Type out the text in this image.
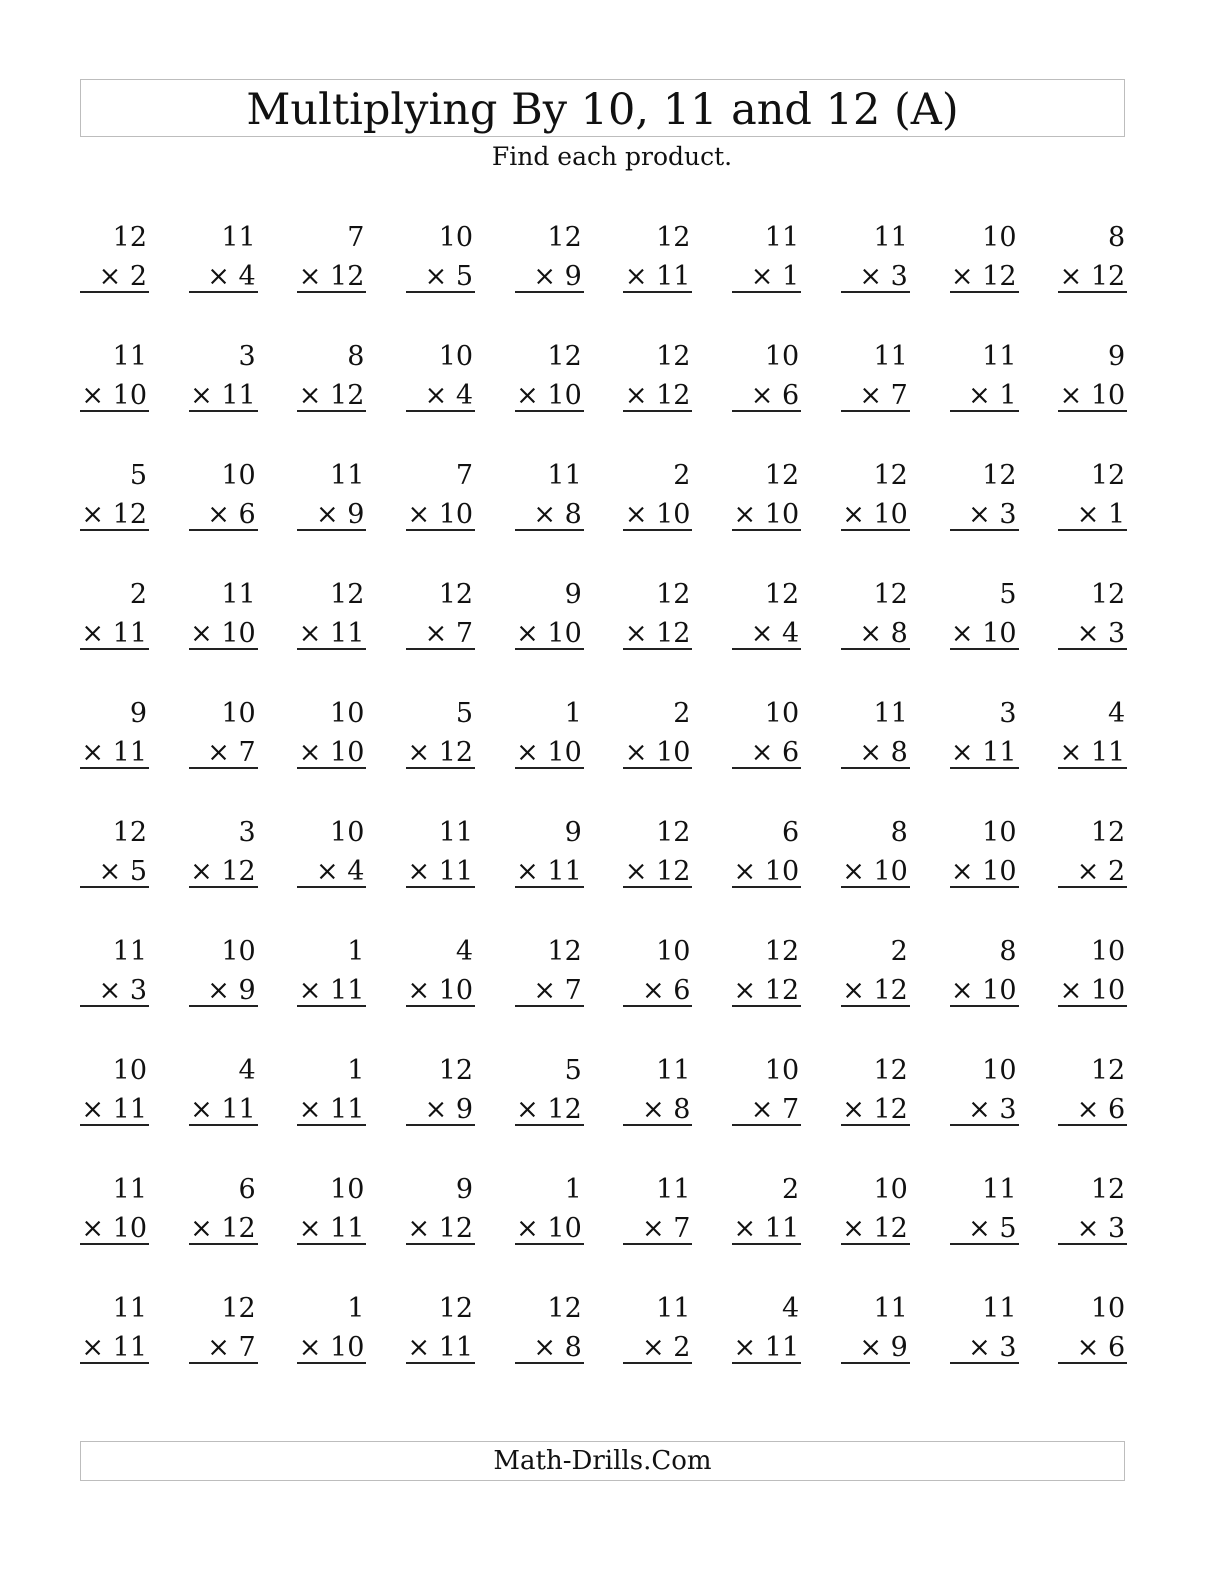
Multiplying By 10, 11 and 12 (A)
Find each product.
12
× 2
11
× 4
7
× 12
10
× 5
12
× 9
12
× 11
11
× 1
11
× 3
10
× 12
8
× 12
11
× 10
3
× 11
8
× 12
10
× 4
12
× 10
12
× 12
10
× 6
11
× 7
11
× 1
9
× 10
5
× 12
10
× 6
11
× 9
7
× 10
11
× 8
2
× 10
12
× 10
12
× 10
12
× 3
12
× 1
2
× 11
11
× 10
12
× 11
12
× 7
9
× 10
12
× 12
12
× 4
12
× 8
5
× 10
12
× 3
9
× 11
10
× 7
10
× 10
5
× 12
1
× 10
2
× 10
10
× 6
11
× 8
3
× 11
4
× 11
12
× 5
3
× 12
10
× 4
11
× 11
9
× 11
12
× 12
6
× 10
8
× 10
10
× 10
12
× 2
11
× 3
10
× 9
1
× 11
4
× 10
12
× 7
10
× 6
12
× 12
2
× 12
8
× 10
10
× 10
10
× 11
4
× 11
1
× 11
12
× 9
5
× 12
11
× 8
10
× 7
12
× 12
10
× 3
12
× 6
11
× 10
6
× 12
10
× 11
9
× 12
1
× 10
11
× 7
2
× 11
10
× 12
11
× 5
12
× 3
11
× 11
12
× 7
1
× 10
12
× 11
12
× 8
11
× 2
4
× 11
11
× 9
11
× 3
10
× 6
Math-Drills.Com
